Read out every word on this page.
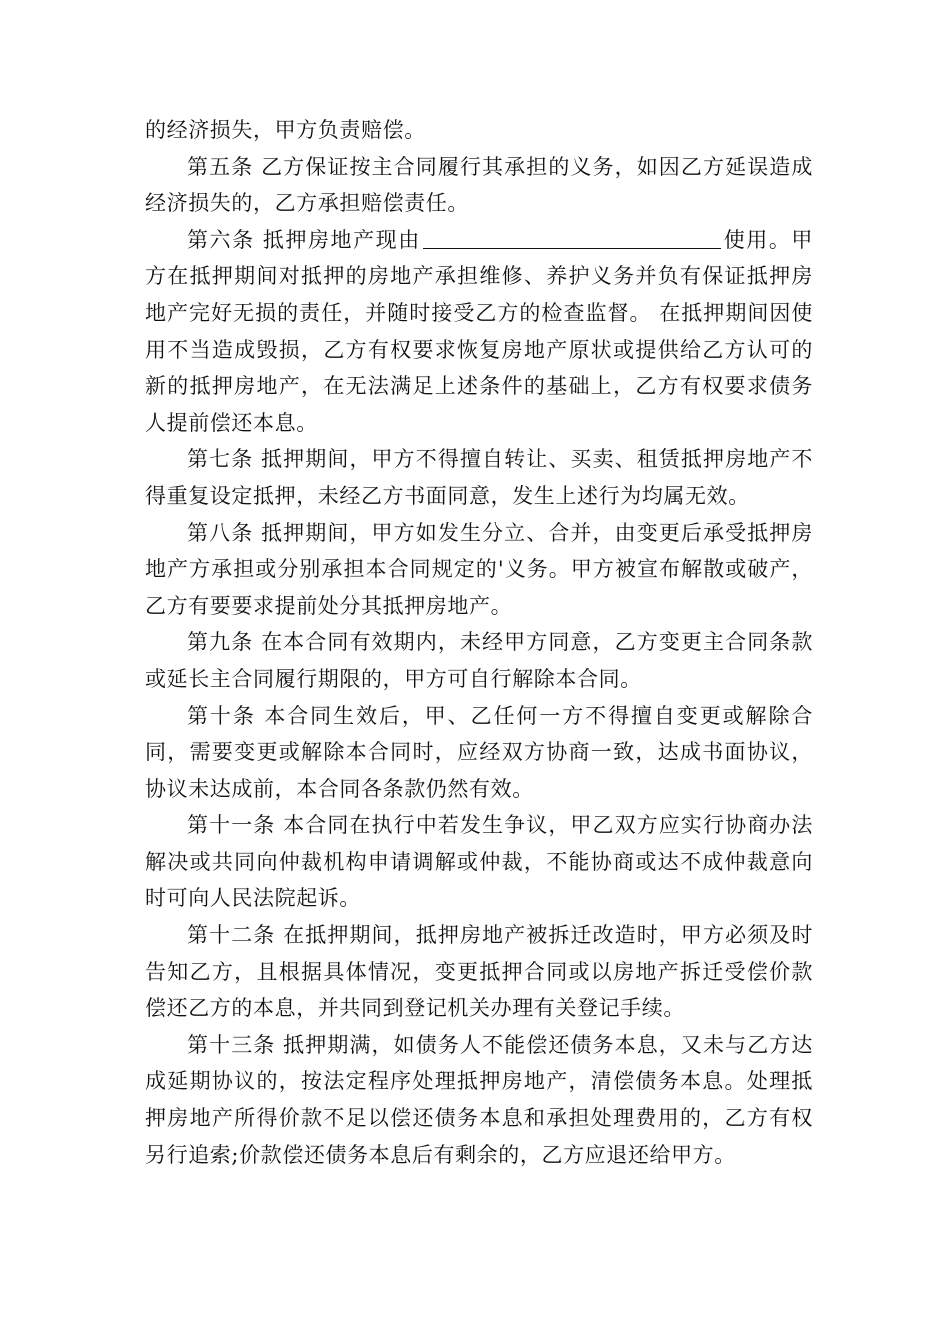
的经济损失，甲方负责赔偿。

第五条 乙方保证按主合同履行其承担的义务，如因乙方延误造成经济损失的，乙方承担赔偿责任。

第六条 抵押房地产现由	使用。甲方在抵押期间对抵押的房地产承担维修、养护义务并负有保证抵押房地产完好无损的责任，并随时接受乙方的检查监督。 在抵押期间因使用不当造成毁损，乙方有权要求恢复房地产原状或提供给乙方认可的新的抵押房地产，在无法满足上述条件的基础上，乙方有权要求债务人提前偿还本息。

第七条 抵押期间，甲方不得擅自转让、买卖、租赁抵押房地产不得重复设定抵押，未经乙方书面同意，发生上述行为均属无效。

第八条 抵押期间，甲方如发生分立、合并，由变更后承受抵押房地产方承担或分别承担本合同规定的'义务。甲方被宣布解散或破产，乙方有要要求提前处分其抵押房地产。

第九条 在本合同有效期内，未经甲方同意，乙方变更主合同条款或延长主合同履行期限的，甲方可自行解除本合同。

第十条 本合同生效后，甲、乙任何一方不得擅自变更或解除合同，需要变更或解除本合同时，应经双方协商一致，达成书面协议，协议未达成前，本合同各条款仍然有效。

第十一条 本合同在执行中若发生争议，甲乙双方应实行协商办法解决或共同向仲裁机构申请调解或仲裁，不能协商或达不成仲裁意向时可向人民法院起诉。

第十二条 在抵押期间，抵押房地产被拆迁改造时，甲方必须及时告知乙方，且根据具体情况，变更抵押合同或以房地产拆迁受偿价款偿还乙方的本息，并共同到登记机关办理有关登记手续。

第十三条 抵押期满，如债务人不能偿还债务本息，又未与乙方达成延期协议的，按法定程序处理抵押房地产，清偿债务本息。处理抵押房地产所得价款不足以偿还债务本息和承担处理费用的，乙方有权另行追索;价款偿还债务本息后有剩余的，乙方应退还给甲方。
